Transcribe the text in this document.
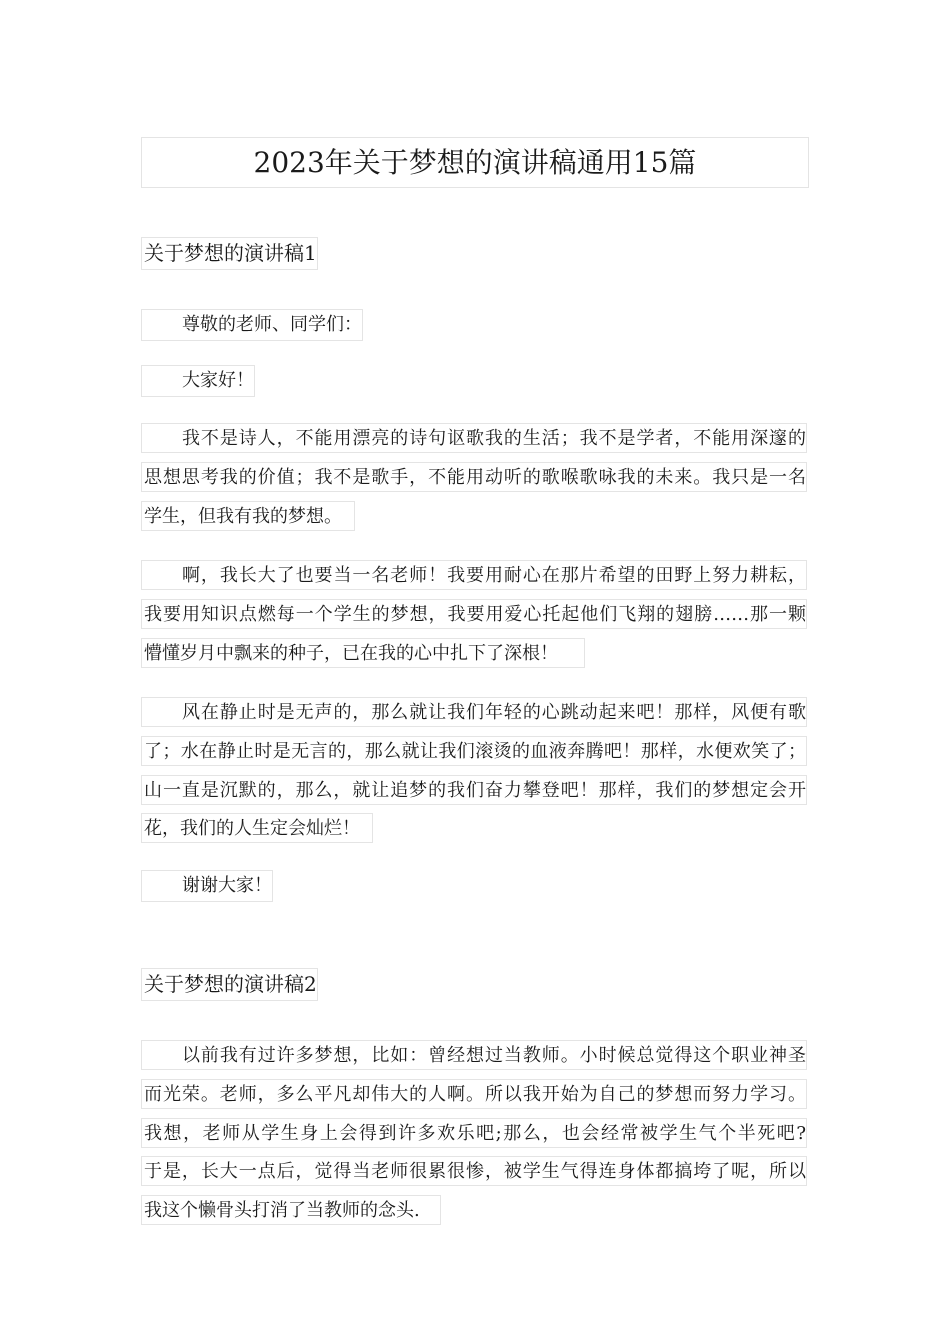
2023年关于梦想的演讲稿通用15篇
关于梦想的演讲稿1
尊敬的老师、同学们：
大家好！
我不是诗人，不能用漂亮的诗句讴歌我的生活；我不是学者，不能用深邃的
思想思考我的价值；我不是歌手，不能用动听的歌喉歌咏我的未来。我只是一名
学生，但我有我的梦想。
啊，我长大了也要当一名老师！我要用耐心在那片希望的田野上努力耕耘，
我要用知识点燃每一个学生的梦想，我要用爱心托起他们飞翔的翅膀……那一颗
懵懂岁月中飘来的种子，已在我的心中扎下了深根！
风在静止时是无声的，那么就让我们年轻的心跳动起来吧！那样，风便有歌
了；水在静止时是无言的，那么就让我们滚烫的血液奔腾吧！那样，水便欢笑了；
山一直是沉默的，那么，就让追梦的我们奋力攀登吧！那样，我们的梦想定会开
花，我们的人生定会灿烂！
谢谢大家！
关于梦想的演讲稿2
以前我有过许多梦想，比如：曾经想过当教师。小时候总觉得这个职业神圣
而光荣。老师，多么平凡却伟大的人啊。所以我开始为自己的梦想而努力学习。
我想，老师从学生身上会得到许多欢乐吧;那么，也会经常被学生气个半死吧?
于是，长大一点后，觉得当老师很累很惨，被学生气得连身体都搞垮了呢，所以
我这个懒骨头打消了当教师的念头.
